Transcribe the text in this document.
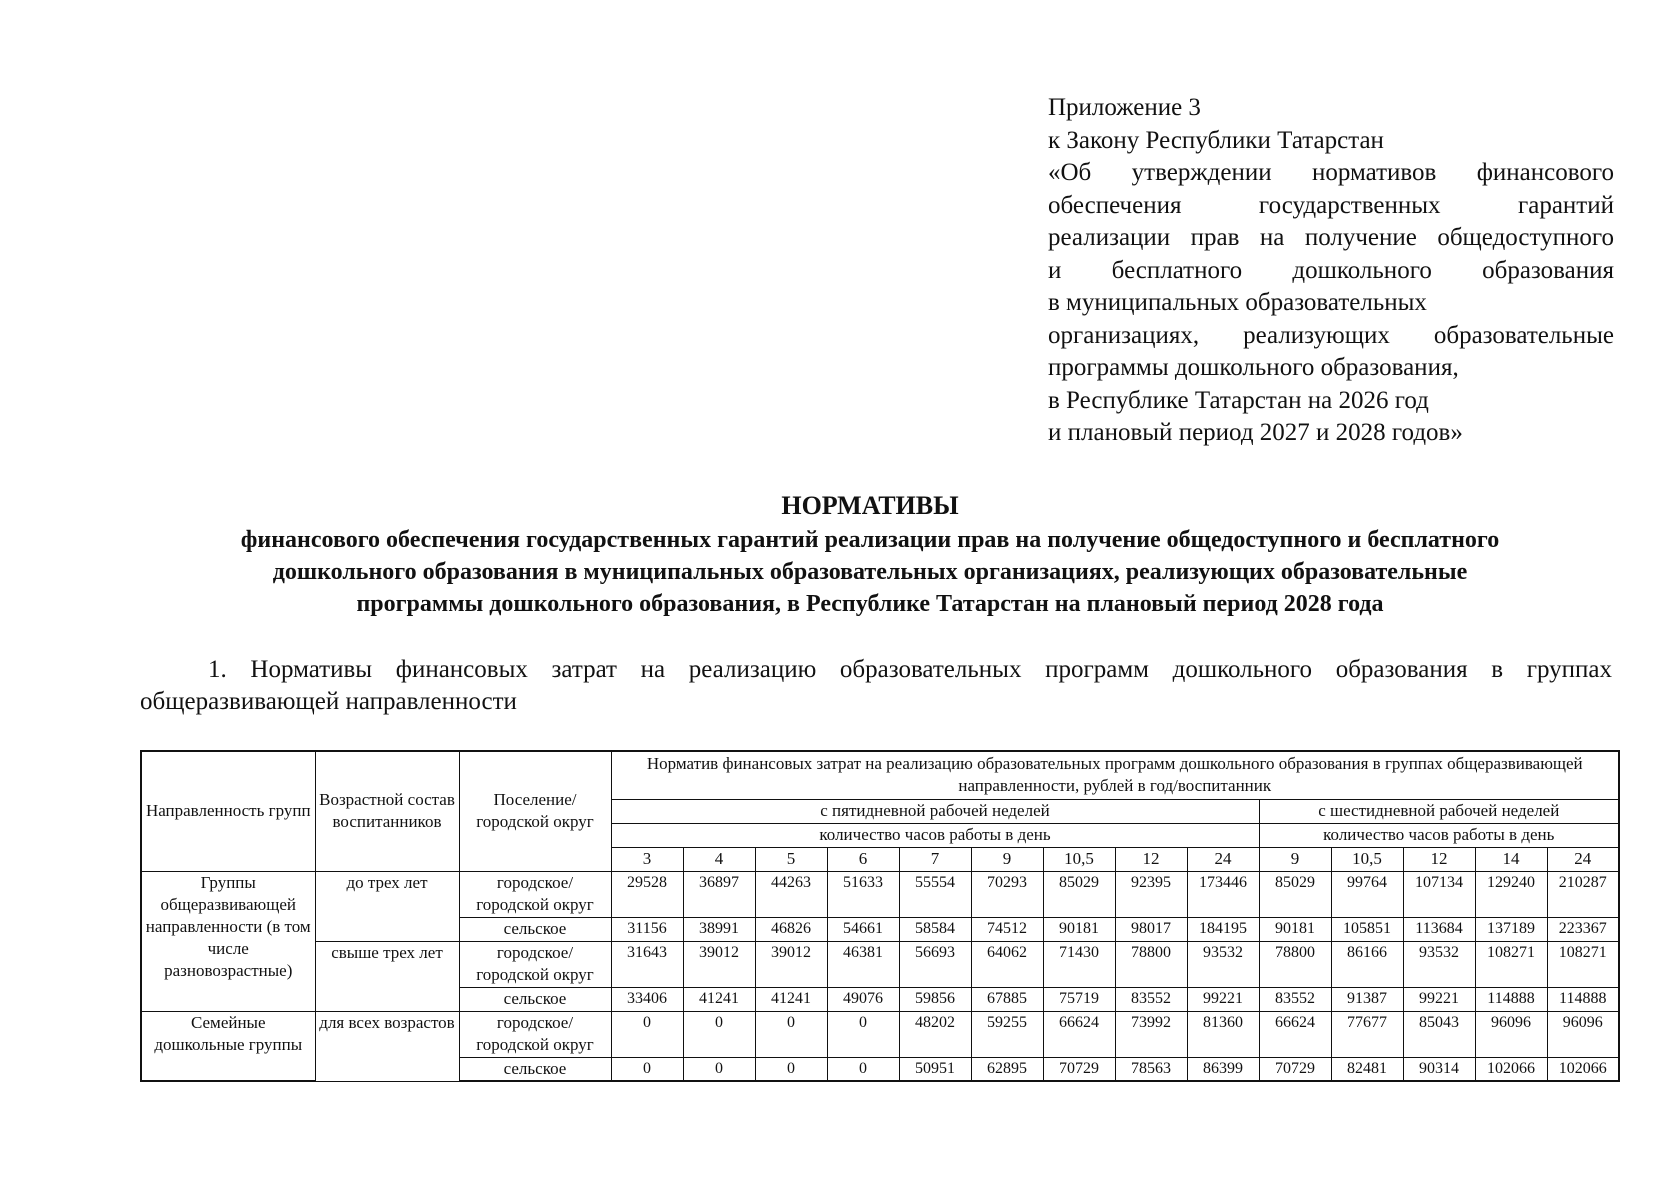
Приложение 3
к Закону Республики Татарстан
«Об утверждении нормативов финансового
обеспечения государственных гарантий
реализации прав на получение общедоступного
и бесплатного дошкольного образования
в муниципальных образовательных
организациях, реализующих образовательные
программы дошкольного образования,
в Республике Татарстан на 2026 год
и плановый период 2027 и 2028 годов»
НОРМАТИВЫ
финансового обеспечения государственных гарантий реализации прав на получение общедоступного и бесплатного
дошкольного образования в муниципальных образовательных организациях, реализующих образовательные
программы дошкольного образования, в Республике Татарстан на плановый период 2028 года
1. Нормативы финансовых затрат на реализацию образовательных программ дошкольного образования в группах
общеразвивающей направленности
Направленность групп	Возрастной состав воспитанников	Поселение/ городской округ	Норматив финансовых затрат на реализацию образовательных программ дошкольного образования в группах общеразвивающей направленности, рублей в год/воспитанник													
			с пятидневной рабочей неделей									с шестидневной рабочей неделей				
			количество часов работы в день									количество часов работы в день				
			3	4	5	6	7	9	10,5	12	24	9	10,5	12	14	24
Группы общеразвивающей направленности (в том числе разновозрастные)	до трех лет	городское/ городской округ	29528	36897	44263	51633	55554	70293	85029	92395	173446	85029	99764	107134	129240	210287
		сельское	31156	38991	46826	54661	58584	74512	90181	98017	184195	90181	105851	113684	137189	223367
	свыше трех лет	городское/ городской округ	31643	39012	39012	46381	56693	64062	71430	78800	93532	78800	86166	93532	108271	108271
		сельское	33406	41241	41241	49076	59856	67885	75719	83552	99221	83552	91387	99221	114888	114888
Семейные дошкольные группы	для всех возрастов	городское/ городской округ	0	0	0	0	48202	59255	66624	73992	81360	66624	77677	85043	96096	96096
		сельское	0	0	0	0	50951	62895	70729	78563	86399	70729	82481	90314	102066	102066
